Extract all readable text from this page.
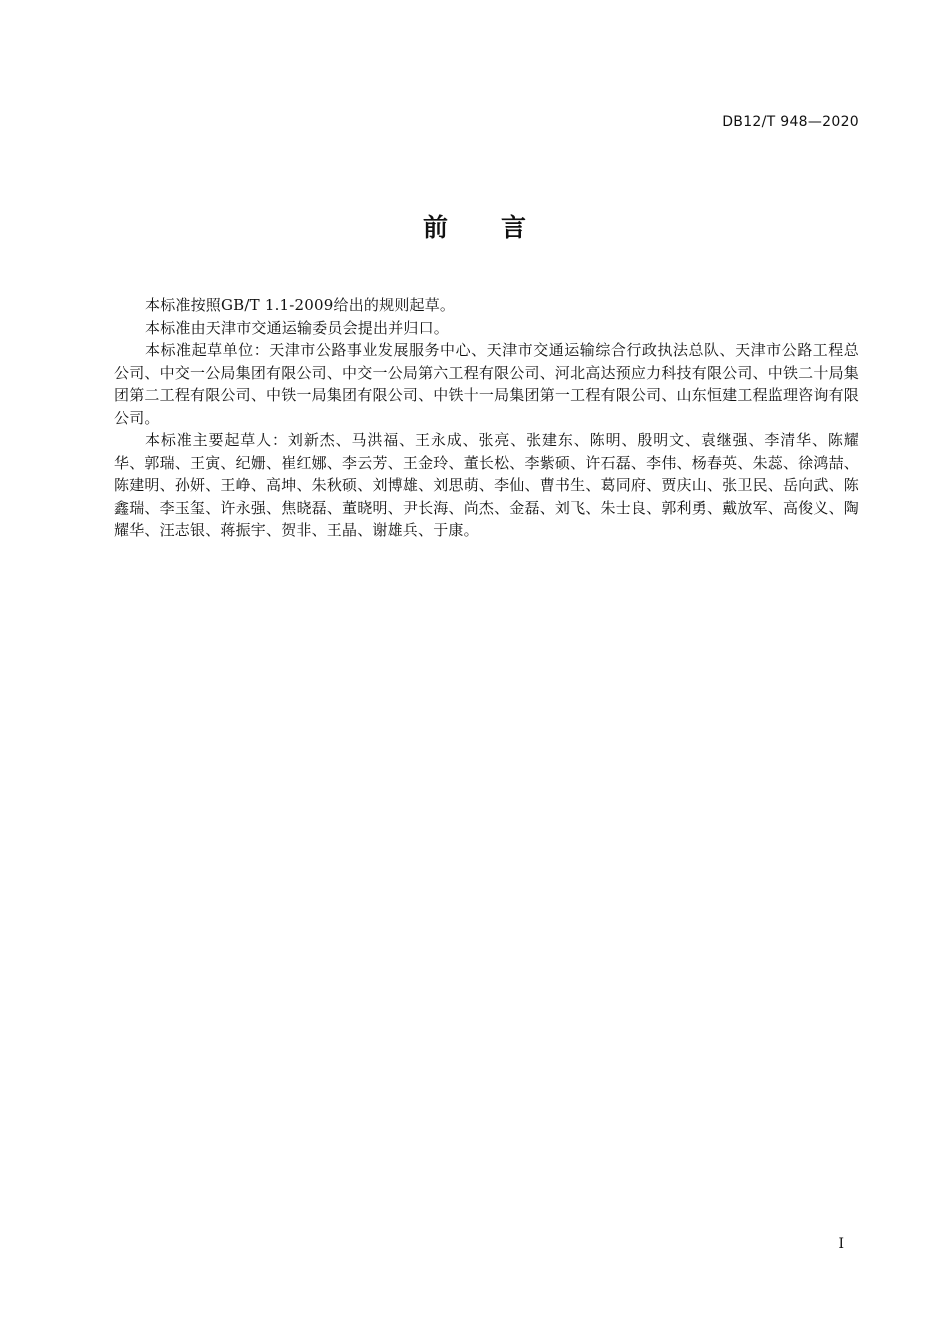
DB12/T 948—2020
前 言

本标准按照GB/T 1.1-2009给出的规则起草。

本标准由天津市交通运输委员会提出并归口。

本标准起草单位：天津市公路事业发展服务中心、天津市交通运输综合行政执法总队、天津市公路工程总公司、中交一公局集团有限公司、中交一公局第六工程有限公司、河北高达预应力科技有限公司、中铁二十局集团第二工程有限公司、中铁一局集团有限公司、中铁十一局集团第一工程有限公司、山东恒建工程监理咨询有限公司。

本标准主要起草人：刘新杰、马洪福、王永成、张亮、张建东、陈明、殷明文、袁继强、李清华、陈耀华、郭瑞、王寅、纪姗、崔红娜、李云芳、王金玲、董长松、李紫硕、许石磊、李伟、杨春英、朱蕊、徐鸿喆、陈建明、孙妍、王峥、高坤、朱秋硕、刘博雄、刘思萌、李仙、曹书生、葛同府、贾庆山、张卫民、岳向武、陈鑫瑞、李玉玺、许永强、焦晓磊、董晓明、尹长海、尚杰、金磊、刘飞、朱士良、郭利勇、戴放军、高俊义、陶耀华、汪志银、蒋振宇、贺非、王晶、谢雄兵、于康。

I
